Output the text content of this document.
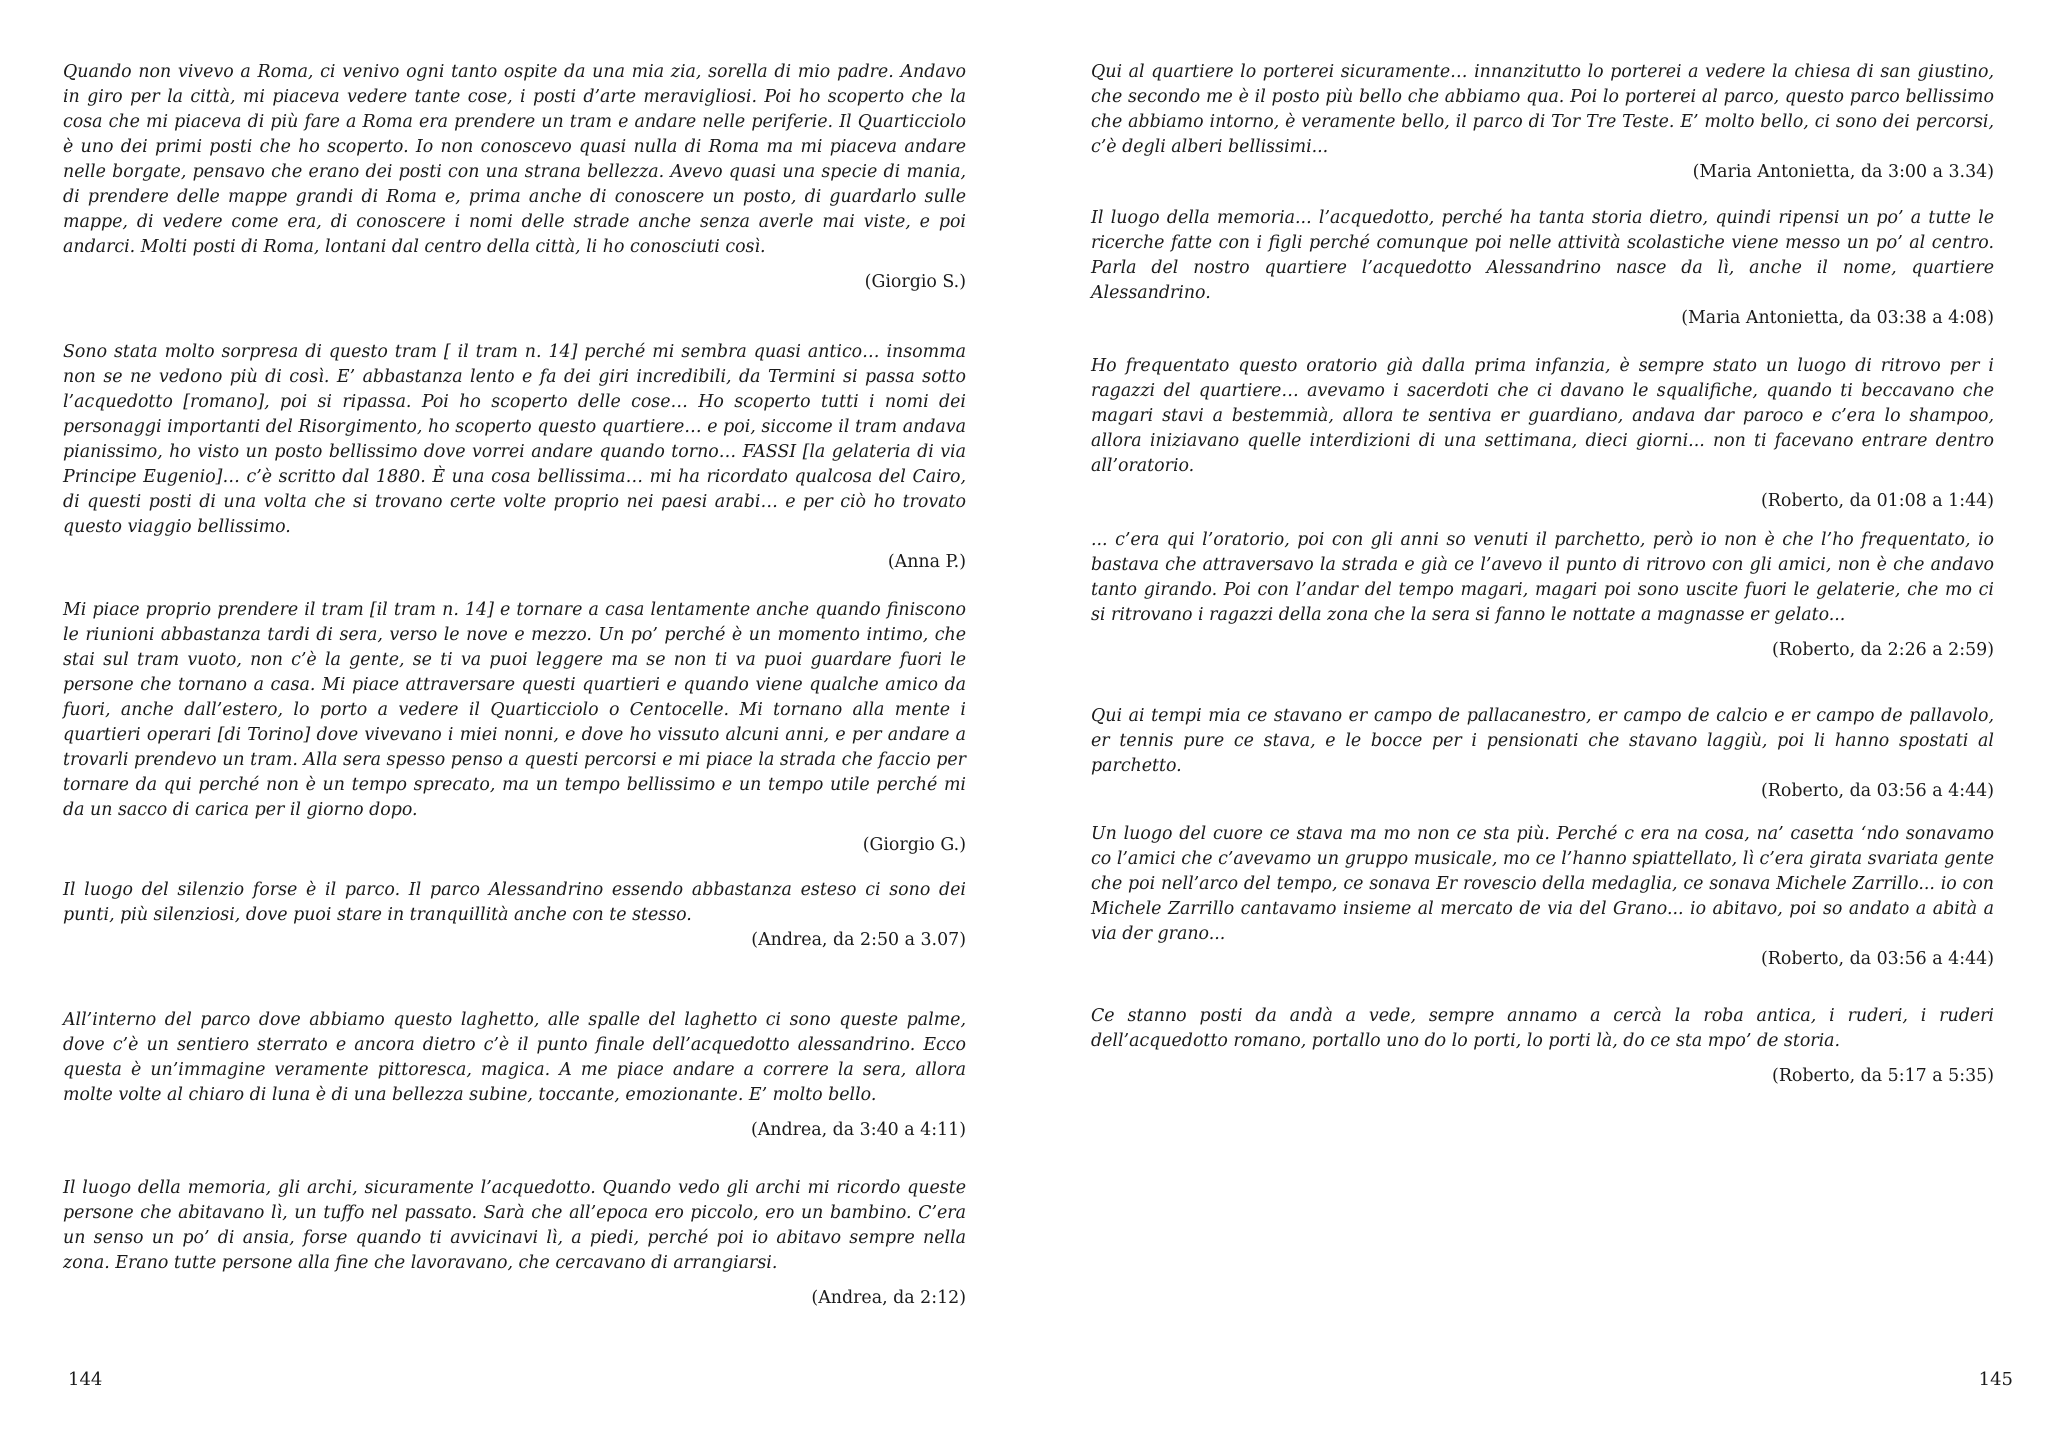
Quando non vivevo a Roma, ci venivo ogni tanto ospite da una mia zia, sorella di mio padre. Andavo in giro per la città, mi piaceva vedere tante cose, i posti d’arte meravigliosi. Poi ho scoperto che la cosa che mi piaceva di più fare a Roma era prendere un tram e andare nelle periferie. Il Quarticciolo è uno dei primi posti che ho scoperto. Io non conoscevo quasi nulla di Roma ma mi piaceva andare nelle borgate, pensavo che erano dei posti con una strana bellezza. Avevo quasi una specie di mania, di prendere delle mappe grandi di Roma e, prima anche di conoscere un posto, di guardarlo sulle mappe, di vedere come era, di conoscere i nomi delle strade anche senza averle mai viste, e poi andarci. Molti posti di Roma, lontani dal centro della città, li ho conosciuti così.

(Giorgio S.)

Sono stata molto sorpresa di questo tram [ il tram n. 14] perché mi sembra quasi antico… insomma non se ne vedono più di così. E’ abbastanza lento e fa dei giri incredibili, da Termini si passa sotto l’acquedotto [romano], poi si ripassa. Poi ho scoperto delle cose… Ho scoperto tutti i nomi dei personaggi importanti del Risorgimento, ho scoperto questo quartiere… e poi, siccome il tram andava pianissimo, ho visto un posto bellissimo dove vorrei andare quando torno… FASSI [la gelateria di via Principe Eugenio]… c’è scritto dal 1880. È una cosa bellissima… mi ha ricordato qualcosa del Cairo, di questi posti di una volta che si trovano certe volte proprio nei paesi arabi… e per ciò ho trovato questo viaggio bellissimo.

(Anna P.)

Mi piace proprio prendere il tram [il tram n. 14] e tornare a casa lentamente anche quando finiscono le riunioni abbastanza tardi di sera, verso le nove e mezzo. Un po’ perché è un momento intimo, che stai sul tram vuoto, non c’è la gente, se ti va puoi leggere ma se non ti va puoi guardare fuori le persone che tornano a casa. Mi piace attraversare questi quartieri e quando viene qualche amico da fuori, anche dall’estero, lo porto a vedere il Quarticciolo o Centocelle. Mi tornano alla mente i quartieri operari [di Torino] dove vivevano i miei nonni, e dove ho vissuto alcuni anni, e per andare a trovarli prendevo un tram. Alla sera spesso penso a questi percorsi e mi piace la strada che faccio per tornare da qui perché non è un tempo sprecato, ma un tempo bellissimo e un tempo utile perché mi da un sacco di carica per il giorno dopo.

(Giorgio G.)

Il luogo del silenzio forse è il parco. Il parco Alessandrino essendo abbastanza esteso ci sono dei punti, più silenziosi, dove puoi stare in tranquillità anche con te stesso.

(Andrea, da 2:50 a 3.07)

All’interno del parco dove abbiamo questo laghetto, alle spalle del laghetto ci sono queste palme, dove c’è un sentiero sterrato e ancora dietro c’è il punto finale dell’acquedotto alessandrino. Ecco questa è un’immagine veramente pittoresca, magica. A me piace andare a correre la sera, allora molte volte al chiaro di luna è di una bellezza subine, toccante, emozionante. E’ molto bello.

(Andrea, da 3:40 a 4:11)

Il luogo della memoria, gli archi, sicuramente l’acquedotto. Quando vedo gli archi mi ricordo queste persone che abitavano lì, un tuffo nel passato. Sarà che all’epoca ero piccolo, ero un bambino. C’era un senso un po’ di ansia, forse quando ti avvicinavi lì, a piedi, perché poi io abitavo sempre nella zona. Erano tutte persone alla fine che lavoravano, che cercavano di arrangiarsi.

(Andrea, da 2:12)

144

Qui al quartiere lo porterei sicuramente… innanzitutto lo porterei a vedere la chiesa di san giustino, che secondo me è il posto più bello che abbiamo qua. Poi lo porterei al parco, questo parco bellissimo che abbiamo intorno, è veramente bello, il parco di Tor Tre Teste. E’ molto bello, ci sono dei percorsi, c’è degli alberi bellissimi...

(Maria Antonietta, da 3:00 a 3.34)

Il luogo della memoria... l’acquedotto, perché ha tanta storia dietro, quindi ripensi un po’ a tutte le ricerche fatte con i figli perché comunque poi nelle attività scolastiche viene messo un po’ al centro. Parla del nostro quartiere l’acquedotto Alessandrino nasce da lì, anche il nome, quartiere Alessandrino.

(Maria Antonietta, da 03:38 a 4:08)

Ho frequentato questo oratorio già dalla prima infanzia, è sempre stato un luogo di ritrovo per i ragazzi del quartiere… avevamo i sacerdoti che ci davano le squalifiche, quando ti beccavano che magari stavi a bestemmià, allora te sentiva er guardiano, andava dar paroco e c’era lo shampoo, allora iniziavano quelle interdizioni di una settimana, dieci giorni... non ti facevano entrare dentro all’oratorio.

(Roberto, da 01:08 a 1:44)

... c’era qui l’oratorio, poi con gli anni so venuti il parchetto, però io non è che l’ho frequentato, io bastava che attraversavo la strada e già ce l’avevo il punto di ritrovo con gli amici, non è che andavo tanto girando. Poi con l’andar del tempo magari, magari poi sono uscite fuori le gelaterie, che mo ci si ritrovano i ragazzi della zona che la sera si fanno le nottate a magnasse er gelato...

(Roberto, da 2:26 a 2:59)

Qui ai tempi mia ce stavano er campo de pallacanestro, er campo de calcio e er campo de pallavolo, er tennis pure ce stava, e le bocce per i pensionati che stavano laggiù, poi li hanno spostati al parchetto.

(Roberto, da 03:56 a 4:44)

Un luogo del cuore ce stava ma mo non ce sta più. Perché c era na cosa, na’ casetta ‘ndo sonavamo co l’amici che c’avevamo un gruppo musicale, mo ce l’hanno spiattellato, lì c’era girata svariata gente che poi nell’arco del tempo, ce sonava Er rovescio della medaglia, ce sonava Michele Zarrillo... io con Michele Zarrillo cantavamo insieme al mercato de via del Grano... io abitavo, poi so andato a abità a via der grano...

(Roberto, da 03:56 a 4:44)

Ce stanno posti da andà a vede, sempre annamo a cercà la roba antica, i ruderi, i ruderi dell’acquedotto romano, portallo uno do lo porti, lo porti là, do ce sta mpo’ de storia.

(Roberto, da 5:17 a 5:35)

145
